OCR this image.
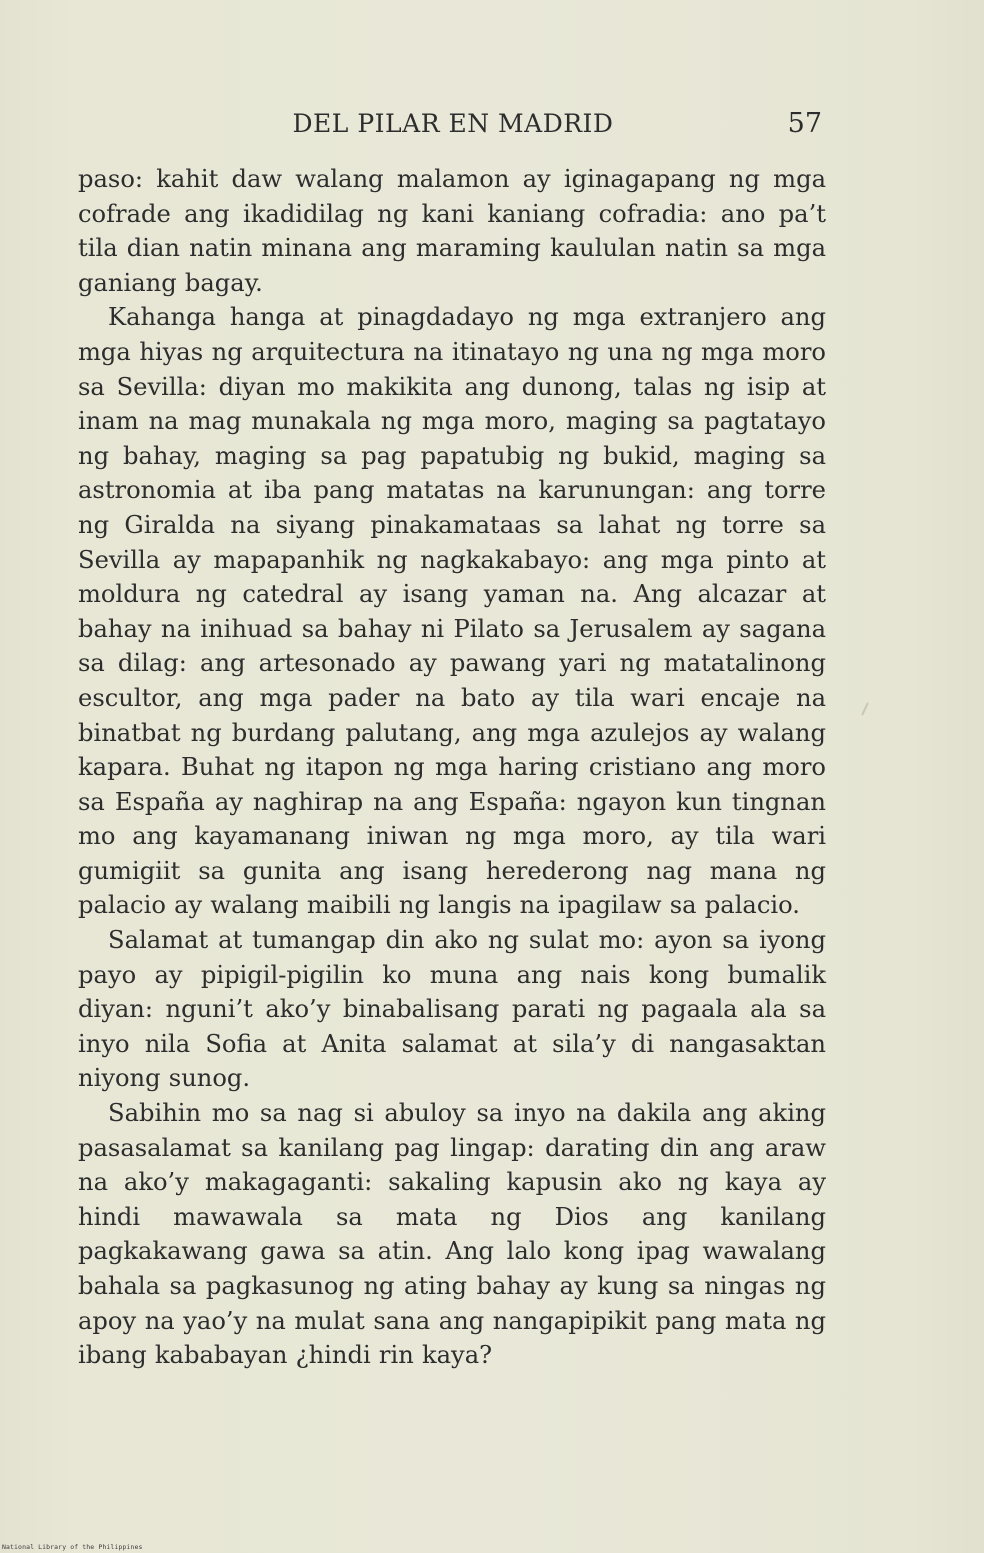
DEL PILAR EN MADRID	57

paso: kahit daw walang malamon ay iginagapang ng mga cofrade ang ikadidilag ng kani kaniang cofradia: ano pa’t tila dian natin minana ang maraming kaululan natin sa mga ganiang bagay.

Kahanga hanga at pinagdadayo ng mga extranjero ang mga hiyas ng arquitectura na itinatayo ng una ng mga moro sa Sevilla: diyan mo makikita ang dunong, talas ng isip at inam na mag munakala ng mga moro, maging sa pagtatayo ng bahay, maging sa pag papatubig ng bukid, maging sa astronomia at iba pang matatas na karunungan: ang torre ng Giralda na siyang pinakamataas sa lahat ng torre sa Sevilla ay mapapanhik ng nagkakabayo: ang mga pinto at moldura ng catedral ay isang yaman na. Ang alcazar at bahay na inihuad sa bahay ni Pilato sa Jerusalem ay sagana sa dilag: ang artesonado ay pawang yari ng matatalinong escultor, ang mga pader na bato ay tila wari encaje na binatbat ng burdang palutang, ang mga azulejos ay walang kapara. Buhat ng itapon ng mga haring cristiano ang moro sa España ay naghirap na ang España: ngayon kun tingnan mo ang kayamanang iniwan ng mga moro, ay tila wari gumigiit sa gunita ang isang herederong nag mana ng palacio ay walang maibili ng langis na ipagilaw sa palacio.

Salamat at tumangap din ako ng sulat mo: ayon sa iyong payo ay pipigil-pigilin ko muna ang nais kong bumalik diyan: nguni’t ako’y binabalisang parati ng pagaala ala sa inyo nila Sofia at Anita salamat at sila’y di nangasaktan niyong sunog.

Sabihin mo sa nag si abuloy sa inyo na dakila ang aking pasasalamat sa kanilang pag lingap: darating din ang araw na ako’y makagaganti: sakaling kapusin ako ng kaya ay hindi mawawala sa mata ng Dios ang kanilang pagkakawang gawa sa atin. Ang lalo kong ipag wawalang bahala sa pagkasunog ng ating bahay ay kung sa ningas ng apoy na yao’y na mulat sana ang nangapipikit pang mata ng ibang kababayan ¿hindi rin kaya?

National Library of the Philippines
